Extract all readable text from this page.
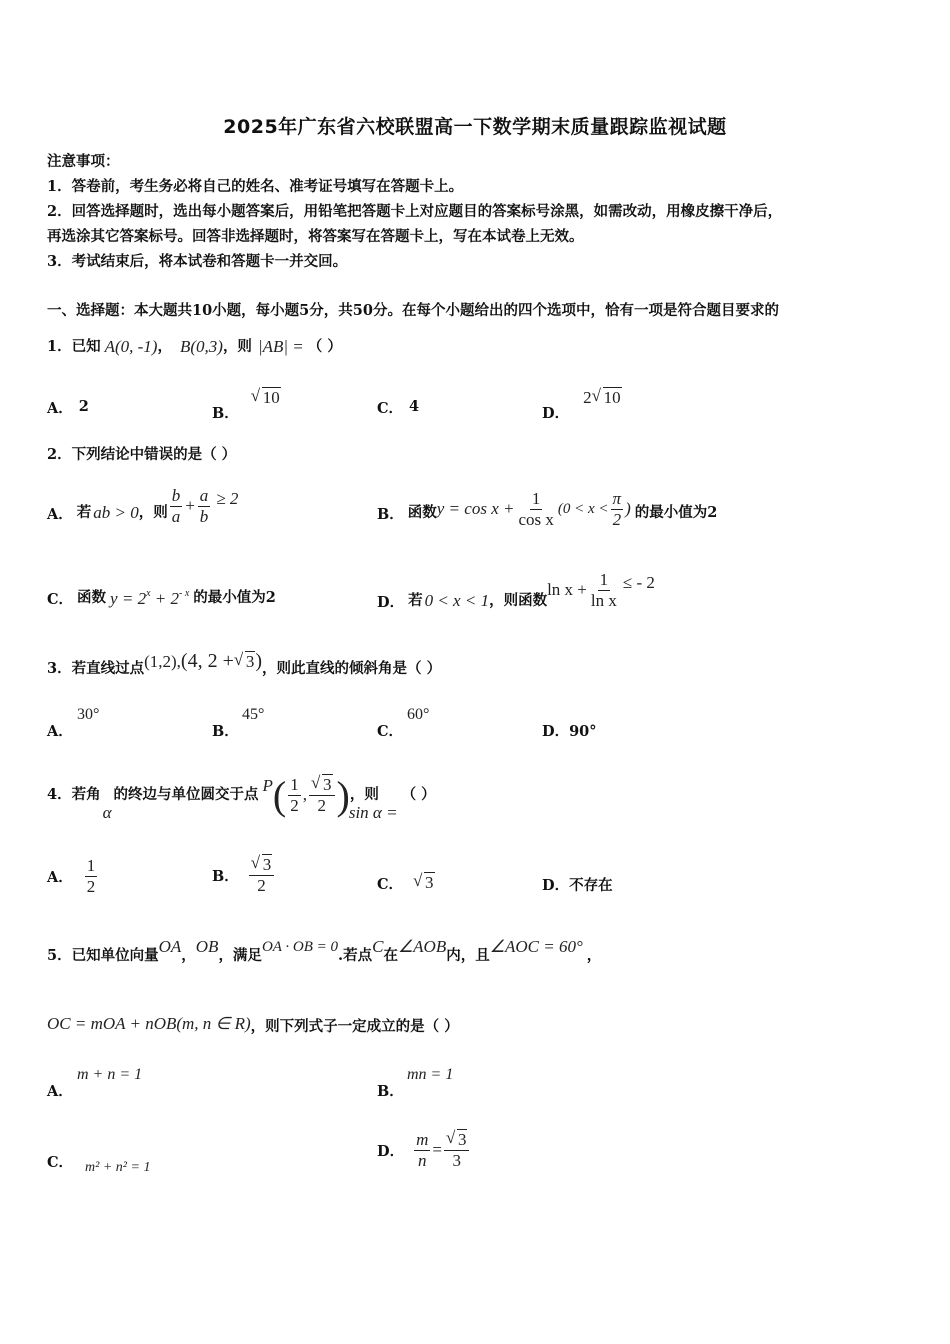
2025年广东省六校联盟高一下数学期末质量跟踪监视试题
注意事项：
1．答卷前，考生务必将自己的姓名、准考证号填写在答题卡上。
2．回答选择题时，选出每小题答案后，用铅笔把答题卡上对应题目的答案标号涂黑，如需改动，用橡皮擦干净后，
再选涂其它答案标号。回答非选择题时，将答案写在答题卡上，写在本试卷上无效。
3．考试结束后，将本试卷和答题卡一并交回。
一、选择题：本大题共10小题，每小题5分，共50分。在每个小题给出的四个选项中，恰有一项是符合题目要求的
1．已知 A(0, -1) ， B(0,3) ，则 |AB| = （ ）
A． 2	B．
√ 10
C． 4	D．
2 √ 10
2．下列结论中错误的是（ ）
A． 若 ab > 0 ，则 $\frac{b}{a} + \frac{a}{b} \ge 2$
B． 函数 $y = \cos x + \frac{1}{\text{cos x}} (0 < x < \frac{\pi}{2}$ ) 的最小值为2
C． 函数 $y = 2^x + 2^{- x}$ 的最小值为2	D． 若 0 < x < 1 ，则函数
$\ln x + \frac{1}{\text{ln x}}$ ≤ - 2
3．若直线过点 (1,2),(4, 2 + √ 3) ，则此直线的倾斜角是（ ）
A．
30°
B．
45°
C．
60°
D．90°
4．若角
α
的终边与单位圆交于点 P ( $\frac{1}{2}$ , $\frac{√ 3}{2}$ ) ，则
sin α =
（ ）
A． $\frac{1}{2}$	B． $\frac{√ 3}{2}$	C． √ 3	D．不存在
5．已知单位向量 OA ， OB ，满足
OA · OB = 0
.若点 C 在 ∠AOB 内，且 ∠AOC = 60° ，
OC = mOA + nOB(m, n ∈ R) ，则下列式子一定成立的是（ ）
A．
m + n = 1
B．
mn = 1
C． m² + n² = 1
D． $\frac{m}{n} = \frac{√ 3}{3}$
